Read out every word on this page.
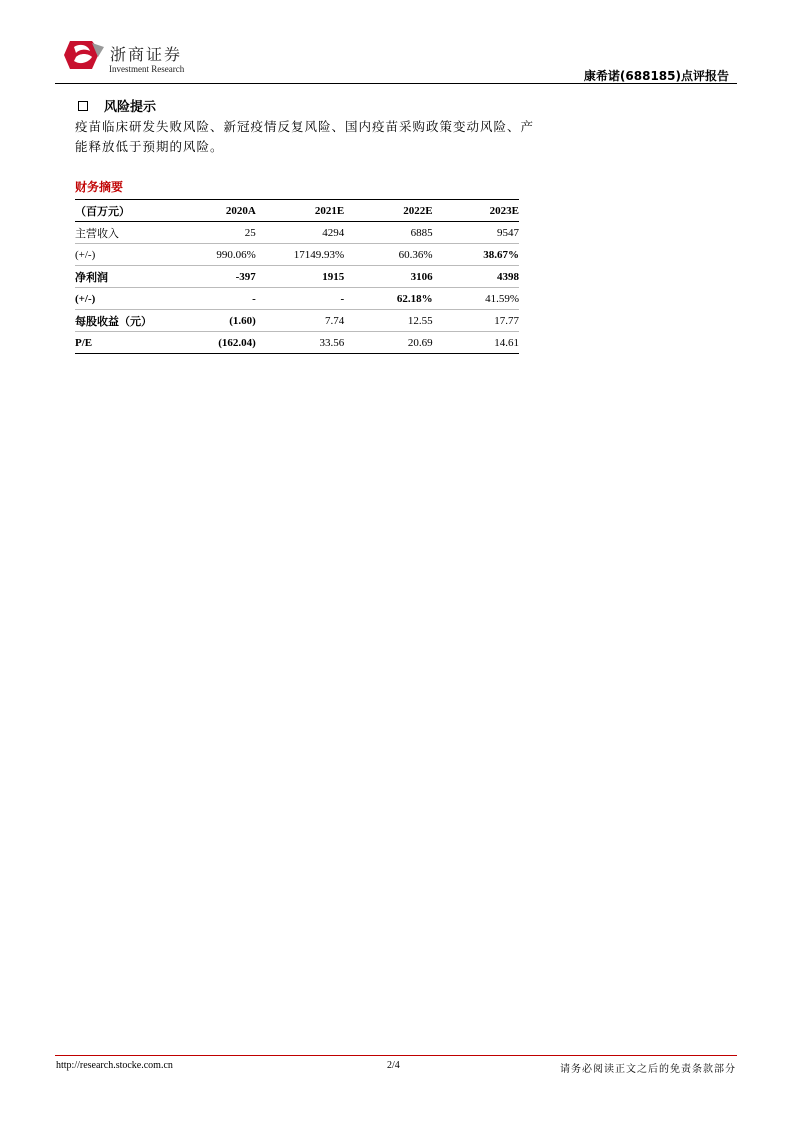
浙商证券
Investment Research	康希诺(688185)点评报告
风险提示
疫苗临床研发失败风险、新冠疫情反复风险、国内疫苗采购政策变动风险、产能释放低于预期的风险。
财务摘要
（百万元）	2020A	2021E	2022E	2023E
主营收入	25	4294	6885	9547
(+/-)	990.06%	17149.93%	60.36%	38.67%
净利润	-397	1915	3106	4398
(+/-)	-	-	62.18%	41.59%
每股收益（元）	(1.60)	7.74	12.55	17.77
P/E	(162.04)	33.56	20.69	14.61
http://research.stocke.com.cn	2/4	请务必阅读正文之后的免责条款部分
